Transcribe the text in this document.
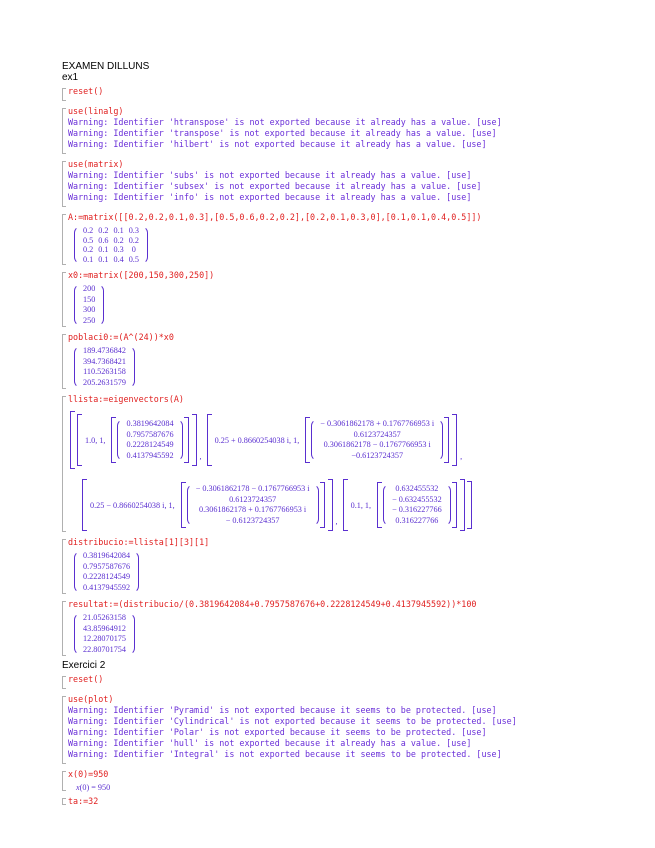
EXAMEN DILLUNS
ex1
reset()
use(linalg)
Warning: Identifier 'htranspose' is not exported because it already has a value. [use]
Warning: Identifier 'transpose' is not exported because it already has a value. [use]
Warning: Identifier 'hilbert' is not exported because it already has a value. [use]
use(matrix)
Warning: Identifier 'subs' is not exported because it already has a value. [use]
Warning: Identifier 'subsex' is not exported because it already has a value. [use]
Warning: Identifier 'info' is not exported because it already has a value. [use]
A:=matrix([[0.2,0.2,0.1,0.3],[0.5,0.6,0.2,0.2],[0.2,0.1,0.3,0],[0.1,0.1,0.4,0.5]])
0.2 0.2 0.1 0.3
0.5 0.6 0.2 0.2
0.2 0.1 0.3 0
0.1 0.1 0.4 0.5
x0:=matrix([200,150,300,250])
200
150
300
250
poblaci0:=(A^(24))*x0
189.4736842
394.7368421
110.5263158
205.2631579
llista:=eigenvectors(A)
1.0, 1,
0.3819642084
0.7957587676
0.2228124549
0.4137945592	,
0.25 + 0.8660254038 i, 1,
− 0.3061862178 + 0.1767766953 i
0.6123724357
0.3061862178 − 0.1767766953 i
−0.6123724357	,
0.25 − 0.8660254038 i, 1,
− 0.3061862178 − 0.1767766953 i
0.6123724357
0.3061862178 + 0.1767766953 i
− 0.6123724357	,
0.1, 1,
0.632455532
− 0.632455532
− 0.316227766
0.316227766
distribucio:=llista[1][3][1]
0.3819642084
0.7957587676
0.2228124549
0.4137945592
resultat:=(distribucio/(0.3819642084+0.7957587676+0.2228124549+0.4137945592))*100
21.05263158
43.85964912
12.28070175
22.80701754
Exercici 2
reset()
use(plot)
Warning: Identifier 'Pyramid' is not exported because it seems to be protected. [use]
Warning: Identifier 'Cylindrical' is not exported because it seems to be protected. [use]
Warning: Identifier 'Polar' is not exported because it seems to be protected. [use]
Warning: Identifier 'hull' is not exported because it already has a value. [use]
Warning: Identifier 'Integral' is not exported because it seems to be protected. [use]
x(0)=950
x(0) = 950
ta:=32
